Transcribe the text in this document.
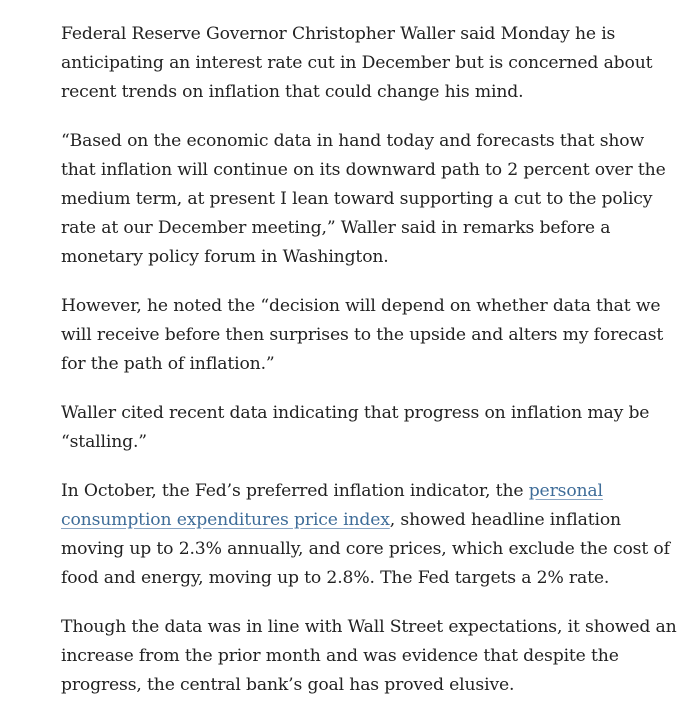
Federal Reserve Governor Christopher Waller said Monday he is anticipating an interest rate cut in December but is concerned about recent trends on inflation that could change his mind.

“Based on the economic data in hand today and forecasts that show that inflation will continue on its downward path to 2 percent over the medium term, at present I lean toward supporting a cut to the policy rate at our December meeting,” Waller said in remarks before a monetary policy forum in Washington.

However, he noted the “decision will depend on whether data that we will receive before then surprises to the upside and alters my forecast for the path of inflation.”

Waller cited recent data indicating that progress on inflation may be “stalling.”

In October, the Fed’s preferred inflation indicator, the personal consumption expenditures price index, showed headline inflation moving up to 2.3% annually, and core prices, which exclude the cost of food and energy, moving up to 2.8%. The Fed targets a 2% rate.

Though the data was in line with Wall Street expectations, it showed an increase from the prior month and was evidence that despite the progress, the central bank’s goal has proved elusive.
